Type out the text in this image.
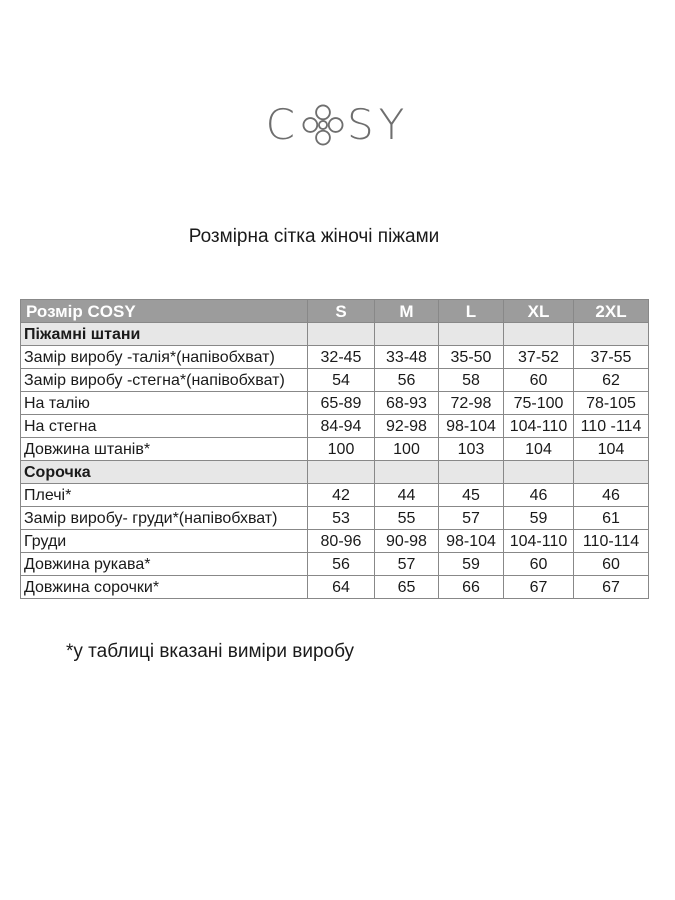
C SY
Розмірна сітка жіночі піжами
Розмір COSY	S	M	L	XL	2XL
Піжамні штани					
Замір виробу -талія*(напівобхват)	32-45	33-48	35-50	37-52	37-55
Замір виробу -стегна*(напівобхват)	54	56	58	60	62
На талію	65-89	68-93	72-98	75-100	78-105
На стегна	84-94	92-98	98-104	104-110	110 -114
Довжина штанів*	100	100	103	104	104
Сорочка					
Плечі*	42	44	45	46	46
Замір виробу- груди*(напівобхват)	53	55	57	59	61
Груди	80-96	90-98	98-104	104-110	110-114
Довжина рукава*	56	57	59	60	60
Довжина сорочки*	64	65	66	67	67
*у таблиці вказані виміри виробу
